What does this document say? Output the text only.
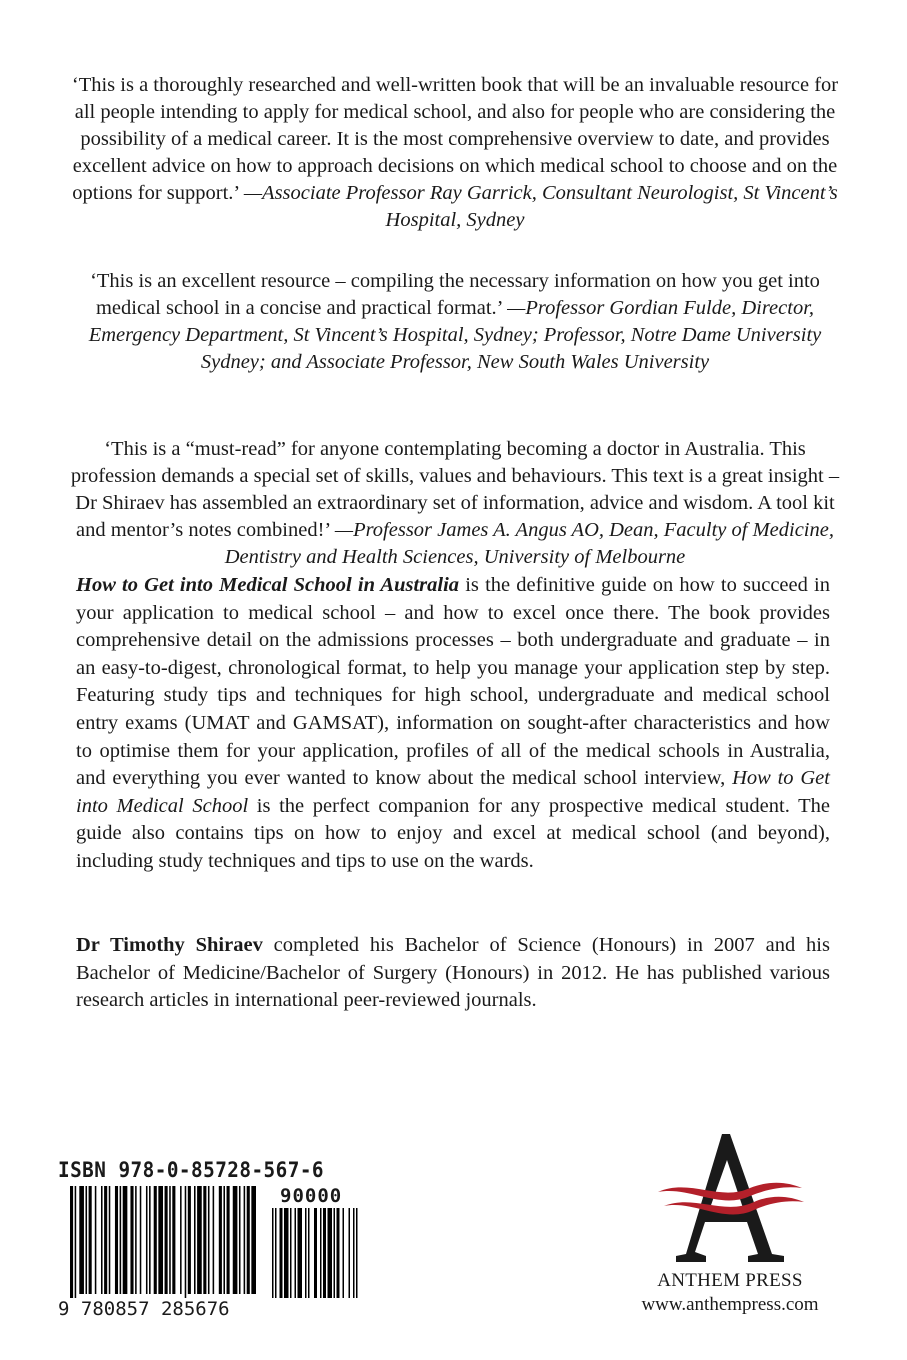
‘This is a thoroughly researched and well-written book that will be an invaluable resource for all people intending to apply for medical school, and also for people who are considering the possibility of a medical career. It is the most comprehensive overview to date, and provides excellent advice on how to approach decisions on which medical school to choose and on the options for support.’ —Associate Professor Ray Garrick, Consultant Neurologist, St Vincent’s Hospital, Sydney
‘This is an excellent resource – compiling the necessary information on how you get into medical school in a concise and practical format.’ —Professor Gordian Fulde, Director, Emergency Department, St Vincent’s Hospital, Sydney; Professor, Notre Dame University Sydney; and Associate Professor, New South Wales University
‘This is a “must-read” for anyone contemplating becoming a doctor in Australia. This profession demands a special set of skills, values and behaviours. This text is a great insight – Dr Shiraev has assembled an extraordinary set of information, advice and wisdom. A tool kit and mentor’s notes combined!’ —Professor James A. Angus AO, Dean, Faculty of Medicine, Dentistry and Health Sciences, University of Melbourne
How to Get into Medical School in Australia is the definitive guide on how to succeed in your application to medical school – and how to excel once there. The book provides comprehensive detail on the admissions processes – both undergraduate and graduate – in an easy-to-digest, chronological format, to help you manage your application step by step. Featuring study tips and techniques for high school, undergraduate and medical school entry exams (UMAT and GAMSAT), information on sought-after characteristics and how to optimise them for your application, profiles of all of the medical schools in Australia, and everything you ever wanted to know about the medical school interview, How to Get into Medical School is the perfect companion for any prospective medical student. The guide also contains tips on how to enjoy and excel at medical school (and beyond), including study techniques and tips to use on the wards.
Dr Timothy Shiraev completed his Bachelor of Science (Honours) in 2007 and his Bachelor of Medicine/Bachelor of Surgery (Honours) in 2012. He has published various research articles in international peer-reviewed journals.
ISBN 978-0-85728-567-6
9 780857 285676
90000
ANTHEM PRESS
www.anthempress.com
